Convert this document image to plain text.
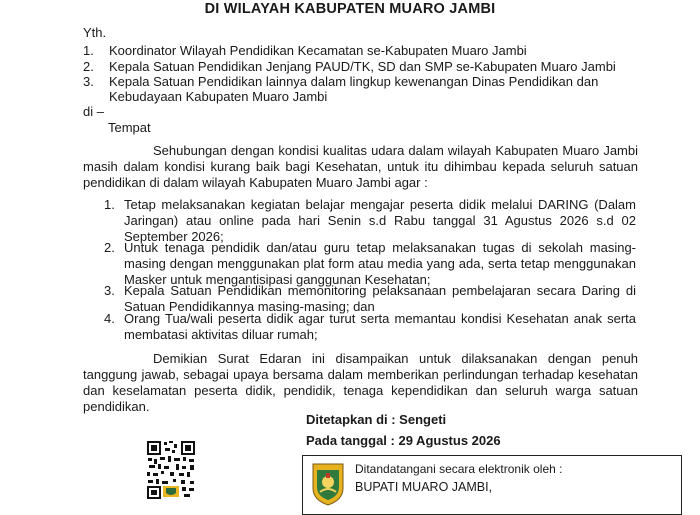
DI WILAYAH KABUPATEN MUARO JAMBI
Yth.
1. Koordinator Wilayah Pendidikan Kecamatan se-Kabupaten Muaro Jambi
2. Kepala Satuan Pendidikan Jenjang PAUD/TK, SD dan SMP se-Kabupaten Muaro Jambi
3. Kepala Satuan Pendidikan lainnya dalam lingkup kewenangan Dinas Pendidikan dan
Kebudayaan Kabupaten Muaro Jambi
di –
Tempat
Sehubungan dengan kondisi kualitas udara dalam wilayah Kabupaten Muaro Jambi masih dalam kondisi kurang baik bagi Kesehatan, untuk itu dihimbau kepada seluruh satuan pendidikan di dalam wilayah Kabupaten Muaro Jambi agar :
1. Tetap melaksanakan kegiatan belajar mengajar peserta didik melalui DARING (Dalam Jaringan) atau online pada hari Senin s.d Rabu tanggal 31 Agustus 2026 s.d 02 September 2026;
2. Untuk tenaga pendidik dan/atau guru tetap melaksanakan tugas di sekolah masing-masing dengan menggunakan plat form atau media yang ada, serta tetap menggunakan Masker untuk mengantisipasi ganggunan Kesehatan;
3. Kepala Satuan Pendidikan memonitoring pelaksanaan pembelajaran secara Daring di Satuan Pendidikannya masing-masing; dan
4. Orang Tua/wali peserta didik agar turut serta memantau kondisi Kesehatan anak serta membatasi aktivitas diluar rumah;
Demikian Surat Edaran ini disampaikan untuk dilaksanakan dengan penuh tanggung jawab, sebagai upaya bersama dalam memberikan perlindungan terhadap kesehatan dan keselamatan peserta didik, pendidik, tenaga kependidikan dan seluruh warga satuan pendidikan.
Ditetapkan di : Sengeti
Pada tanggal : 29 Agustus 2026
Ditandatangani secara elektronik oleh :
BUPATI MUARO JAMBI,
